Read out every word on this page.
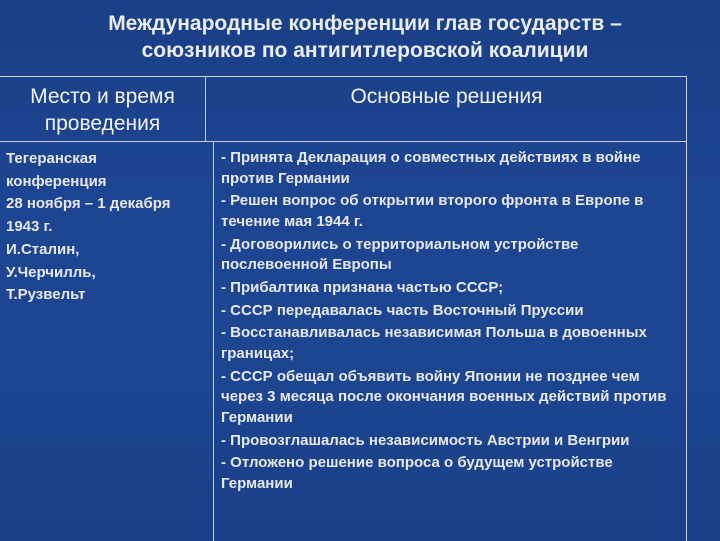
Международные конференции глав государств –
союзников по антигитлеровской коалиции
Место и время
проведения
Основные решения
Тегеранская
конференция
28 ноября – 1 декабря
1943 г.
И.Сталин,
У.Черчилль,
Т.Рузвельт
- Принята Декларация о совместных действиях в войне против Германии
- Решен вопрос об открытии второго фронта в Европе в течение мая 1944 г.
- Договорились о территориальном устройстве послевоенной Европы
- Прибалтика признана частью СССР;
- СССР передавалась часть Восточный Пруссии
- Восстанавливалась независимая Польша в довоенных границах;
- СССР обещал объявить войну Японии не позднее чем через 3 месяца после окончания военных действий против Германии
- Провозглашалась независимость Австрии и Венгрии
- Отложено решение вопроса о будущем устройстве Германии
